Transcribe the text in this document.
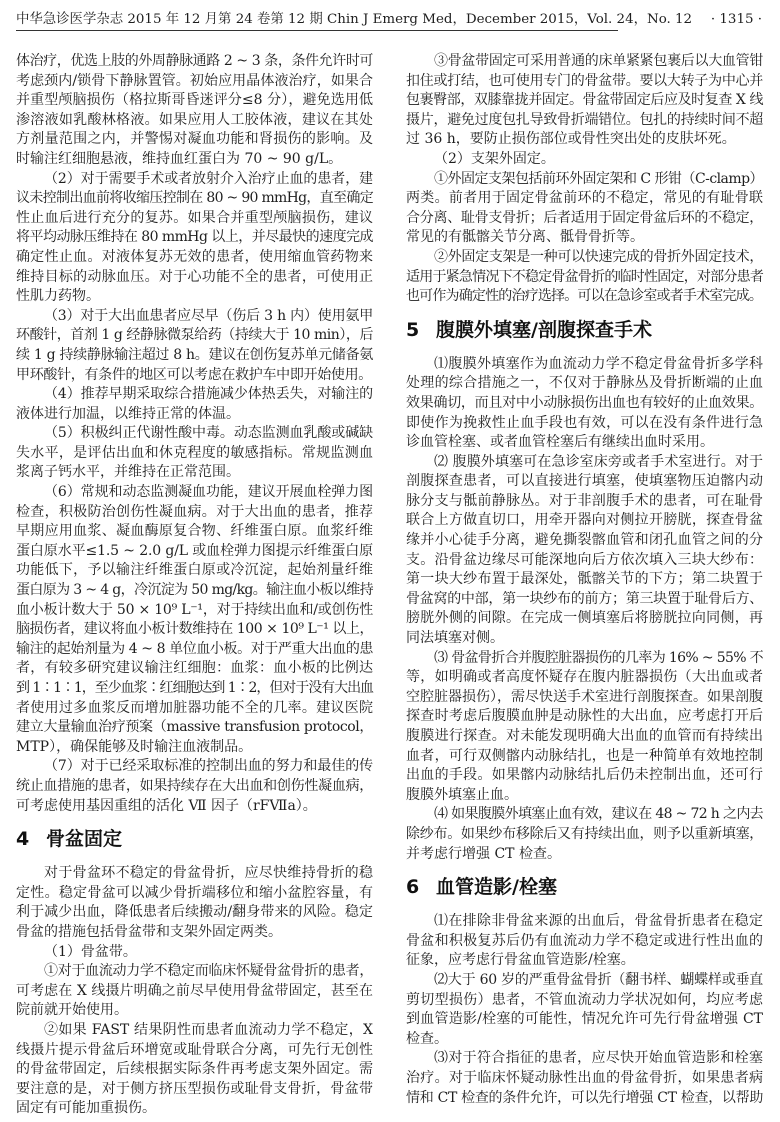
中华急诊医学杂志 2015 年 12 月第 24 卷第 12 期 Chin J Emerg Med，December 2015，Vol. 24，No. 12	· 1315 ·
体治疗，优选上肢的外周静脉通路 2 ~ 3 条，条件允许时可
考虑颈内/锁骨下静脉置管。初始应用晶体液治疗，如果合
并重型颅脑损伤（格拉斯哥昏迷评分≤8 分），避免选用低
渗溶液如乳酸林格液。如果应用人工胶体液，建议在其处
方剂量范围之内，并警惕对凝血功能和肾损伤的影响。及
时输注红细胞悬液，维持血红蛋白为 70 ~ 90 g/L。
（2）对于需要手术或者放射介入治疗止血的患者，建
议未控制出血前将收缩压控制在 80 ~ 90 mmHg，直至确定
性止血后进行充分的复苏。如果合并重型颅脑损伤，建议
将平均动脉压维持在 80 mmHg 以上，并尽最快的速度完成
确定性止血。对液体复苏无效的患者，使用缩血管药物来
维持目标的动脉血压。对于心功能不全的患者，可使用正
性肌力药物。
（3）对于大出血患者应尽早（伤后 3 h 内）使用氨甲
环酸针，首剂 1 g 经静脉微泵给药（持续大于 10 min），后
续 1 g 持续静脉输注超过 8 h。建议在创伤复苏单元储备氨
甲环酸针，有条件的地区可以考虑在救护车中即开始使用。
（4）推荐早期采取综合措施减少体热丢失，对输注的
液体进行加温，以维持正常的体温。
（5）积极纠正代谢性酸中毒。动态监测血乳酸或碱缺
失水平，是评估出血和休克程度的敏感指标。常规监测血
浆离子钙水平，并维持在正常范围。
（6）常规和动态监测凝血功能，建议开展血栓弹力图
检查，积极防治创伤性凝血病。对于大出血的患者，推荐
早期应用血浆、凝血酶原复合物、纤维蛋白原。血浆纤维
蛋白原水平≤1.5 ~ 2.0 g/L 或血栓弹力图提示纤维蛋白原
功能低下，予以输注纤维蛋白原或冷沉淀，起始剂量纤维
蛋白原为 3 ~ 4 g，冷沉淀为 50 mg/kg。输注血小板以维持
血小板计数大于 50 × 10⁹ L⁻¹，对于持续出血和/或创伤性
脑损伤者，建议将血小板计数维持在 100 × 10⁹ L⁻¹ 以上，
输注的起始剂量为 4 ~ 8 单位血小板。对于严重大出血的患
者，有较多研究建议输注红细胞：血浆：血小板的比例达
到 1∶1∶1，至少血浆∶红细胞达到 1∶2，但对于没有大出血
者使用过多血浆反而增加脏器功能不全的几率。建议医院
建立大量输血治疗预案（massive transfusion protocol，
MTP），确保能够及时输注血液制品。
（7）对于已经采取标准的控制出血的努力和最佳的传
统止血措施的患者，如果持续存在大出血和创伤性凝血病，
可考虑使用基因重组的活化 Ⅶ 因子（rFⅦa）。
4 骨盆固定
对于骨盆环不稳定的骨盆骨折，应尽快维持骨折的稳
定性。稳定骨盆可以减少骨折端移位和缩小盆腔容量，有
利于减少出血，降低患者后续搬动/翻身带来的风险。稳定
骨盆的措施包括骨盆带和支架外固定两类。
（1）骨盆带。
①对于血流动力学不稳定而临床怀疑骨盆骨折的患者，
可考虑在 X 线摄片明确之前尽早使用骨盆带固定，甚至在
院前就开始使用。
②如果 FAST 结果阴性而患者血流动力学不稳定，X
线摄片提示骨盆后环增宽或耻骨联合分离，可先行无创性
的骨盆带固定，后续根据实际条件再考虑支架外固定。需
要注意的是，对于侧方挤压型损伤或耻骨支骨折，骨盆带
固定有可能加重损伤。
③骨盆带固定可采用普通的床单紧紧包裹后以大血管钳
扣住或打结，也可使用专门的骨盆带。要以大转子为中心并
包裹臀部，双膝靠拢并固定。骨盆带固定后应及时复查 X 线
摄片，避免过度包扎导致骨折端错位。包扎的持续时间不超
过 36 h，要防止损伤部位或骨性突出处的皮肤坏死。
（2）支架外固定。
①外固定支架包括前环外固定架和 C 形钳（C-clamp）
两类。前者用于固定骨盆前环的不稳定，常见的有耻骨联
合分离、耻骨支骨折；后者适用于固定骨盆后环的不稳定，
常见的有骶髂关节分离、骶骨骨折等。
②外固定支架是一种可以快速完成的骨折外固定技术，
适用于紧急情况下不稳定骨盆骨折的临时性固定，对部分患者
也可作为确定性的治疗选择。可以在急诊室或者手术室完成。
5 腹膜外填塞/剖腹探查手术
⑴腹膜外填塞作为血流动力学不稳定骨盆骨折多学科
处理的综合措施之一，不仅对于静脉丛及骨折断端的止血
效果确切，而且对中小动脉损伤出血也有较好的止血效果。
即使作为挽救性止血手段也有效，可以在没有条件进行急
诊血管栓塞、或者血管栓塞后有继续出血时采用。
⑵ 腹膜外填塞可在急诊室床旁或者手术室进行。对于
剖腹探查患者，可以直接进行填塞，使填塞物压迫髂内动
脉分支与骶前静脉丛。对于非剖腹手术的患者，可在耻骨
联合上方做直切口，用牵开器向对侧拉开膀胱，探查骨盆
缘并小心徒手分离，避免撕裂髂血管和闭孔血管之间的分
支。沿骨盆边缘尽可能深地向后方依次填入三块大纱布：
第一块大纱布置于最深处，骶髂关节的下方；第二块置于
骨盆窝的中部，第一块纱布的前方；第三块置于耻骨后方、
膀胱外侧的间隙。在完成一侧填塞后将膀胱拉向同侧，再
同法填塞对侧。
⑶ 骨盆骨折合并腹腔脏器损伤的几率为 16% ~ 55% 不
等，如明确或者高度怀疑存在腹内脏器损伤（大出血或者
空腔脏器损伤），需尽快送手术室进行剖腹探查。如果剖腹
探查时考虑后腹膜血肿是动脉性的大出血，应考虑打开后
腹膜进行探查。对未能发现明确大出血的血管而有持续出
血者，可行双侧髂内动脉结扎，也是一种简单有效地控制
出血的手段。如果髂内动脉结扎后仍未控制出血，还可行
腹膜外填塞止血。
⑷ 如果腹膜外填塞止血有效，建议在 48 ~ 72 h 之内去
除纱布。如果纱布移除后又有持续出血，则予以重新填塞，
并考虑行增强 CT 检查。
6 血管造影/栓塞
⑴在排除非骨盆来源的出血后，骨盆骨折患者在稳定
骨盆和积极复苏后仍有血流动力学不稳定或进行性出血的
征象，应考虑行骨盆血管造影/栓塞。
⑵大于 60 岁的严重骨盆骨折（翻书样、蝴蝶样或垂直
剪切型损伤）患者，不管血流动力学状况如何，均应考虑
到血管造影/栓塞的可能性，情况允许可先行骨盆增强 CT
检查。
⑶对于符合指征的患者，应尽快开始血管造影和栓塞
治疗。对于临床怀疑动脉性出血的骨盆骨折，如果患者病
情和 CT 检查的条件允许，可以先行增强 CT 检查，以帮助
